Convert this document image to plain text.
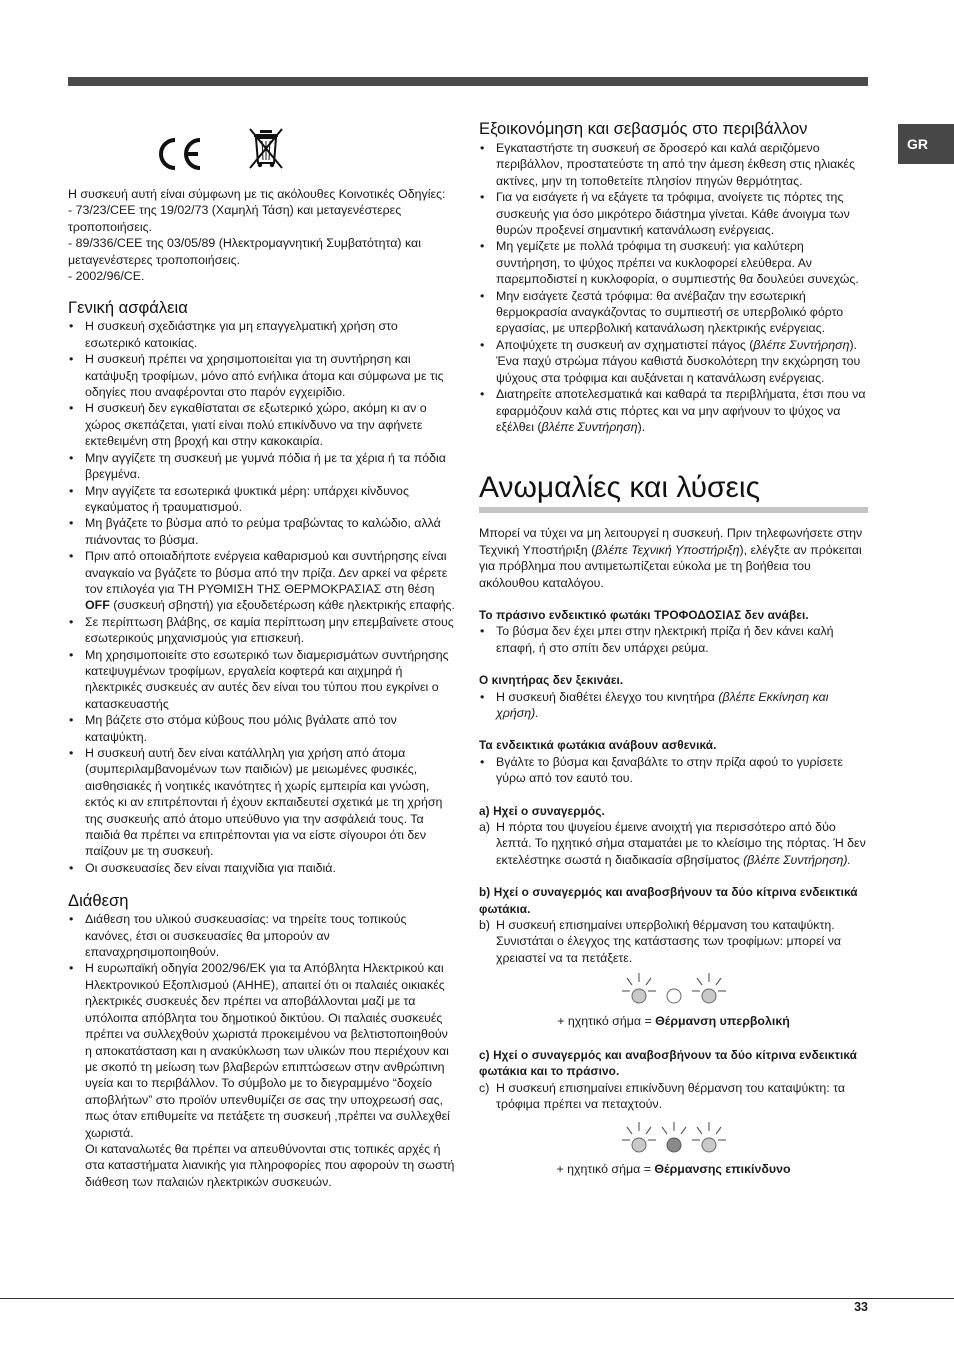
GR

Η συσκευή αυτή είναι σύμφωνη με τις ακόλουθες Κοινοτικές Οδηγίες:

- 73/23/CEE της 19/02/73 (Χαμηλή Τάση) και μεταγενέστερες τροποποιήσεις.

- 89/336/CEE της 03/05/89 (Ηλεκτρομαγνητική Συμβατότητα) και μεταγενέστερες τροποποιήσεις.

- 2002/96/CE.

Γενική ασφάλεια
• Η συσκευή σχεδιάστηκε για μη επαγγελματική χρήση στο εσωτερικό κατοικίας.
• Η συσκευή πρέπει να χρησιμοποιείται για τη συντήρηση και κατάψυξη τροφίμων, μόνο από ενήλικα άτομα και σύμφωνα με τις οδηγίες που αναφέρονται στο παρόν εγχειρίδιο.
• Η συσκευή δεν εγκαθίσταται σε εξωτερικό χώρο, ακόμη κι αν ο χώρος σκεπάζεται, γιατί είναι πολύ επικίνδυνο να την αφήνετε εκτεθειμένη στη βροχή και στην κακοκαιρία.
• Μην αγγίζετε τη συσκευή με γυμνά πόδια ή με τα χέρια ή τα πόδια βρεγμένα.
• Μην αγγίζετε τα εσωτερικά ψυκτικά μέρη: υπάρχει κίνδυνος εγκαύματος ή τραυματισμού.
• Μη βγάζετε το βύσμα από το ρεύμα τραβώντας το καλώδιο, αλλά πιάνοντας το βύσμα.
• Πριν από οποιαδήποτε ενέργεια καθαρισμού και συντήρησης είναι αναγκαίο να βγάζετε το βύσμα από την πρίζα. Δεν αρκεί να φέρετε τον επιλογέα για ΤΗ ΡΥΘΜΙΣΗ ΤΗΣ ΘΕΡΜΟΚΡΑΣΙΑΣ στη θέση OFF (συσκευή σβηστή) για εξουδετέρωση κάθε ηλεκτρικής επαφής.
• Σε περίπτωση βλάβης, σε καμία περίπτωση μην επεμβαίνετε στους εσωτερικούς μηχανισμούς για επισκευή.
• Μη χρησιμοποιείτε στο εσωτερικό των διαμερισμάτων συντήρησης κατεψυγμένων τροφίμων, εργαλεία κοφτερά και αιχμηρά ή ηλεκτρικές συσκευές αν αυτές δεν είναι του τύπου που εγκρίνει ο κατασκευαστής
• Μη βάζετε στο στόμα κύβους που μόλις βγάλατε από τον καταψύκτη.
• Η συσκευή αυτή δεν είναι κατάλληλη για χρήση από άτομα (συμπεριλαμβανομένων των παιδιών) με μειωμένες φυσικές, αισθησιακές ή νοητικές ικανότητες ή χωρίς εμπειρία και γνώση, εκτός κι αν επιτρέπονται ή έχουν εκπαιδευτεί σχετικά με τη χρήση της συσκευής από άτομο υπεύθυνο για την ασφάλειά τους. Τα παιδιά θα πρέπει να επιτρέπονται για να είστε σίγουροι ότι δεν παίζουν με τη συσκευή.
• Οι συσκευασίες δεν είναι παιχνίδια για παιδιά.
Διάθεση
• Διάθεση του υλικού συσκευασίας: να τηρείτε τους τοπικούς κανόνες, έτσι οι συσκευασίες θα μπορούν αν επαναχρησιμοποιηθούν.
• Η ευρωπαϊκή οδηγία 2002/96/ΕΚ για τα Απόβλητα Ηλεκτρικού και Ηλεκτρονικού Εξοπλισμού (ΑΗΗΕ), απαιτεί ότι οι παλαιές οικιακές ηλεκτρικές συσκευές δεν πρέπει να αποβάλλονται μαζί με τα υπόλοιπα απόβλητα του δημοτικού δικτύου. Οι παλαιές συσκευές πρέπει να συλλεχθούν χωριστά προκειμένου να βελτιστοποιηθούν η αποκατάσταση και η ανακύκλωση των υλικών που περιέχουν και με σκοπό τη μείωση των βλαβερών επιπτώσεων στην ανθρώπινη υγεία και το περιβάλλον. Το σύμβολο με το διεγραμμένο “δοχείο αποβλήτων” στο προϊόν υπενθυμίζει σε σας την υποχρεωσή σας, πως όταν επιθυμείτε να πετάξετε τη συσκευή ,πρέπει να συλλεχθεί χωριστά.
Οι καταναλωτές θα πρέπει να απευθύνονται στις τοπικές αρχές ή στα καταστήματα λιανικής για πληροφορίες που αφορούν τη σωστή διάθεση των παλαιών ηλεκτρικών συσκευών.
Εξοικονόμηση και σεβασμός στο περιβάλλον
• Εγκαταστήστε τη συσκευή σε δροσερό και καλά αεριζόμενο περιβάλλον, προστατεύστε τη από την άμεση έκθεση στις ηλιακές ακτίνες, μην τη τοποθετείτε πλησίον πηγών θερμότητας.
• Για να εισάγετε ή να εξάγετε τα τρόφιμα, ανοίγετε τις πόρτες της συσκευής για όσο μικρότερο διάστημα γίνεται. Κάθε άνοιγμα των θυρών προξενεί σημαντική κατανάλωση ενέργειας.
• Μη γεμίζετε με πολλά τρόφιμα τη συσκευή: για καλύτερη συντήρηση, το ψύχος πρέπει να κυκλοφορεί ελεύθερα. Αν παρεμποδιστεί η κυκλοφορία, ο συμπιεστής θα δουλεύει συνεχώς.
• Μην εισάγετε ζεστά τρόφιμα: θα ανέβαζαν την εσωτερική θερμοκρασία αναγκάζοντας το συμπιεστή σε υπερβολικό φόρτο εργασίας, με υπερβολική κατανάλωση ηλεκτρικής ενέργειας.
• Αποψύχετε τη συσκευή αν σχηματιστεί πάγος (βλέπε Συντήρηση). Ένα παχύ στρώμα πάγου καθιστά δυσκολότερη την εκχώρηση του ψύχους στα τρόφιμα και αυξάνεται η κατανάλωση ενέργειας.
• Διατηρείτε αποτελεσματικά και καθαρά τα περιβλήματα, έτσι που να εφαρμόζουν καλά στις πόρτες και να μην αφήνουν το ψύχος να εξέλθει (βλέπε Συντήρηση).
Ανωμαλίες και λύσεις

Μπορεί να τύχει να μη λειτουργεί η συσκευή. Πριν τηλεφωνήσετε στην Τεχνική Υποστήριξη (βλέπε Τεχνική Υποστήριξη), ελέγξτε αν πρόκειται για πρόβλημα που αντιμετωπίζεται εύκολα με τη βοήθεια του ακόλουθου καταλόγου.

Το πράσινο ενδεικτικό φωτάκι ΤΡΟΦΟΔΟΣΙΑΣ δεν ανάβει.

• Το βύσμα δεν έχει μπει στην ηλεκτρική πρίζα ή δεν κάνει καλή επαφή, ή στο σπίτι δεν υπάρχει ρεύμα.

Ο κινητήρας δεν ξεκινάει.

• Η συσκευή διαθέτει έλεγχο του κινητήρα (βλέπε Εκκίνηση και χρήση).

Τα ενδεικτικά φωτάκια ανάβουν ασθενικά.

• Βγάλτε το βύσμα και ξαναβάλτε το στην πρίζα αφού το γυρίσετε γύρω από τον εαυτό του.

a) Ηχεί ο συναγερμός.

a) Η πόρτα του ψυγείου έμεινε ανοιχτή για περισσότερο από δύο λεπτά. Το ηχητικό σήμα σταματάει με το κλείσιμο της πόρτας. Ή δεν εκτελέστηκε σωστά η διαδικασία σβησίματος (βλέπε Συντήρηση).

b) Ηχεί ο συναγερμός και αναβοσβήνουν τα δύο κίτρινα ενδεικτικά φωτάκια.

b) Η συσκευή επισημαίνει υπερβολική θέρμανση του καταψύκτη. Συνιστάται ο έλεγχος της κατάστασης των τροφίμων: μπορεί να χρειαστεί να τα πετάξετε.

+ ηχητικό σήμα = Θέρμανση υπερβολική

c) Ηχεί ο συναγερμός και αναβοσβήνουν τα δύο κίτρινα ενδεικτικά φωτάκια και το πράσινο.

c) Η συσκευή επισημαίνει επικίνδυνη θέρμανση του καταψύκτη: τα τρόφιμα πρέπει να πεταχτούν.

+ ηχητικό σήμα = Θέρμανσης επικίνδυνο

33
